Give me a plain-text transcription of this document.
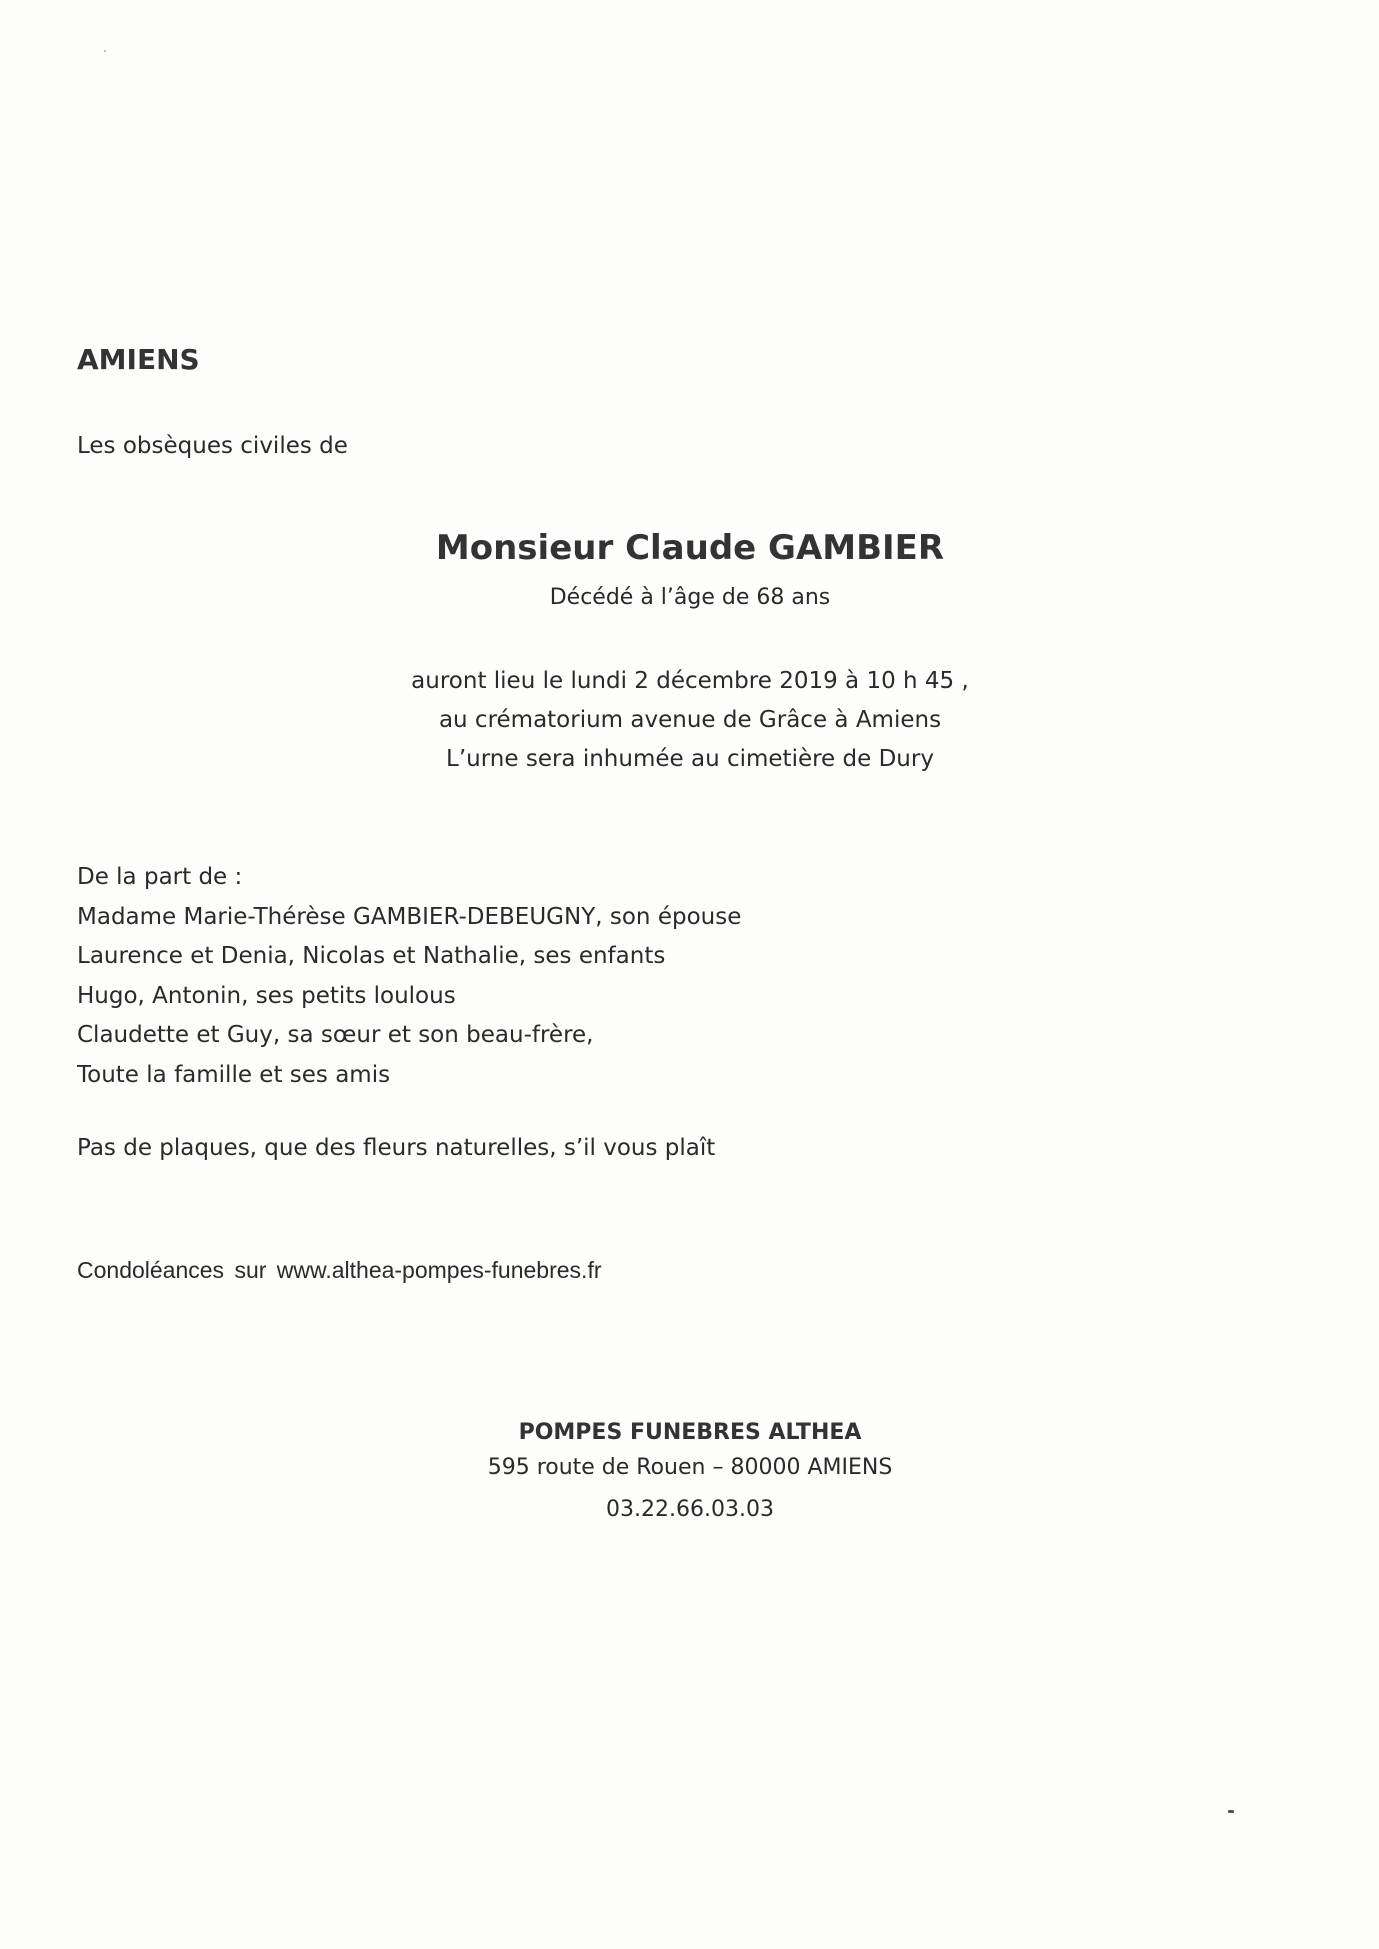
AMIENS
Les obsèques civiles de
Monsieur Claude GAMBIER
Décédé à l’âge de 68 ans
auront lieu le lundi 2 décembre 2019 à 10 h 45 ,
au crématorium avenue de Grâce à Amiens
L’urne sera inhumée au cimetière de Dury
De la part de :
Madame Marie-Thérèse GAMBIER-DEBEUGNY, son épouse
Laurence et Denia, Nicolas et Nathalie, ses enfants
Hugo, Antonin, ses petits loulous
Claudette et Guy, sa sœur et son beau-frère,
Toute la famille et ses amis
Pas de plaques, que des fleurs naturelles, s’il vous plaît
Condoléances sur www.althea-pompes-funebres.fr
POMPES FUNEBRES ALTHEA
595 route de Rouen – 80000 AMIENS
03.22.66.03.03
